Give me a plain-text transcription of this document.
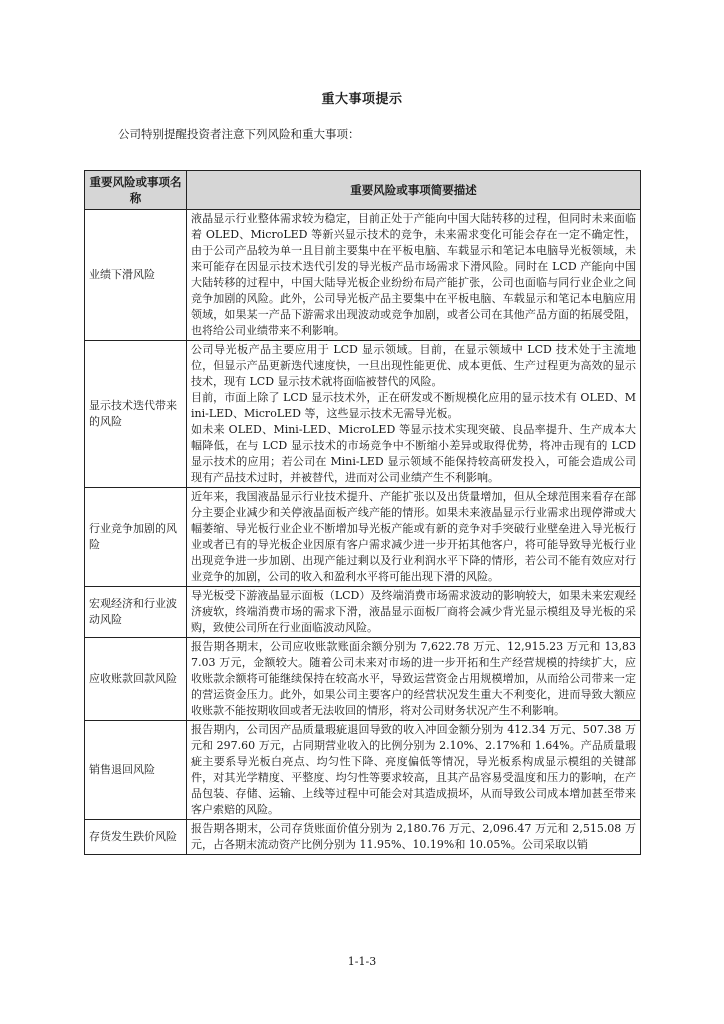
重大事项提示
公司特别提醒投资者注意下列风险和重大事项：
重要风险或事项名称	重要风险或事项简要描述
业绩下滑风险	液晶显示行业整体需求较为稳定，目前正处于产能向中国大陆转移的过程，但同时未来面临着 OLED、MicroLED 等新兴显示技术的竞争，未来需求变化可能会存在一定不确定性，由于公司产品较为单一且目前主要集中在平板电脑、车载显示和笔记本电脑导光板领域，未来可能存在因显示技术迭代引发的导光板产品市场需求下滑风险。同时在 LCD 产能向中国大陆转移的过程中，中国大陆导光板企业纷纷布局产能扩张，公司也面临与同行业企业之间竞争加剧的风险。此外，公司导光板产品主要集中在平板电脑、车载显示和笔记本电脑应用领域，如果某一产品下游需求出现波动或竞争加剧，或者公司在其他产品方面的拓展受阻，也将给公司业绩带来不利影响。
显示技术迭代带来的风险	公司导光板产品主要应用于 LCD 显示领域。目前，在显示领域中 LCD 技术处于主流地位，但显示产品更新迭代速度快，一旦出现性能更优、成本更低、生产过程更为高效的显示技术，现有 LCD 显示技术就将面临被替代的风险。
目前，市面上除了 LCD 显示技术外，正在研发或不断规模化应用的显示技术有 OLED、Mini-LED、MicroLED 等，这些显示技术无需导光板。
如未来 OLED、Mini-LED、MicroLED 等显示技术实现突破、良品率提升、生产成本大幅降低，在与 LCD 显示技术的市场竞争中不断缩小差异或取得优势，将冲击现有的 LCD 显示技术的应用；若公司在 Mini-LED 显示领域不能保持较高研发投入，可能会造成公司现有产品技术过时，并被替代，进而对公司业绩产生不利影响。

行业竞争加剧的风险	近年来，我国液晶显示行业技术提升、产能扩张以及出货量增加，但从全球范围来看存在部分主要企业减少和关停液晶面板产线产能的情形。如果未来液晶显示行业需求出现停滞或大幅萎缩、导光板行业企业不断增加导光板产能或有新的竞争对手突破行业壁垒进入导光板行业或者已有的导光板企业因原有客户需求减少进一步开拓其他客户，将可能导致导光板行业出现竞争进一步加剧、出现产能过剩以及行业利润水平下降的情形，若公司不能有效应对行业竞争的加剧，公司的收入和盈利水平将可能出现下滑的风险。
宏观经济和行业波动风险	导光板受下游液晶显示面板（LCD）及终端消费市场需求波动的影响较大，如果未来宏观经济疲软，终端消费市场的需求下滑，液晶显示面板厂商将会减少背光显示模组及导光板的采购，致使公司所在行业面临波动风险。
应收账款回款风险	报告期各期末，公司应收账款账面余额分别为 7,622.78 万元、12,915.23 万元和 13,837.03 万元，金额较大。随着公司未来对市场的进一步开拓和生产经营规模的持续扩大，应收账款余额将可能继续保持在较高水平，导致运营资金占用规模增加，从而给公司带来一定的营运资金压力。此外，如果公司主要客户的经营状况发生重大不利变化，进而导致大额应收账款不能按期收回或者无法收回的情形，将对公司财务状况产生不利影响。
销售退回风险	报告期内，公司因产品质量瑕疵退回导致的收入冲回金额分别为 412.34 万元、507.38 万元和 297.60 万元，占同期营业收入的比例分别为 2.10%、2.17%和 1.64%。产品质量瑕疵主要系导光板白亮点、均匀性下降、亮度偏低等情况，导光板系构成显示模组的关键部件，对其光学精度、平整度、均匀性等要求较高，且其产品容易受温度和压力的影响，在产品包装、存储、运输、上线等过程中可能会对其造成损坏，从而导致公司成本增加甚至带来客户索赔的风险。
存货发生跌价风险	报告期各期末，公司存货账面价值分别为 2,180.76 万元、2,096.47 万元和 2,515.08 万元，占各期末流动资产比例分别为 11.95%、10.19%和 10.05%。公司采取以销
1-1-3
